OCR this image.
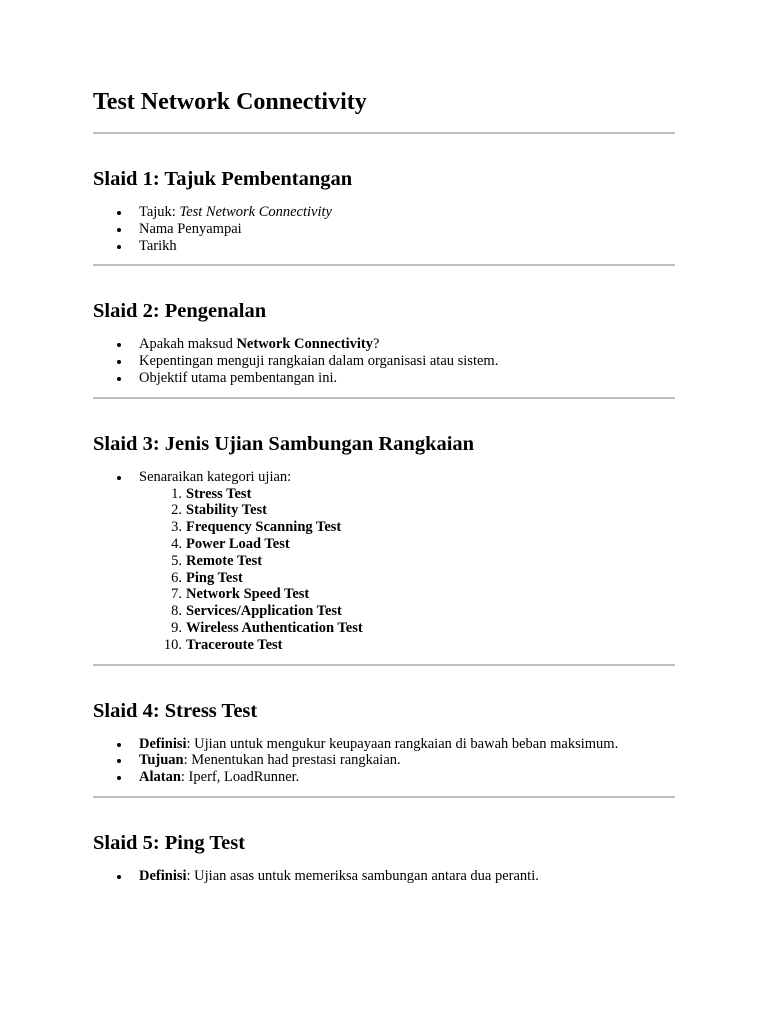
Test Network Connectivity
Slaid 1: Tajuk Pembentangan
Tajuk: Test Network Connectivity
Nama Penyampai
Tarikh
Slaid 2: Pengenalan
Apakah maksud Network Connectivity?
Kepentingan menguji rangkaian dalam organisasi atau sistem.
Objektif utama pembentangan ini.
Slaid 3: Jenis Ujian Sambungan Rangkaian
Senaraikan kategori ujian:
1. Stress Test
2. Stability Test
3. Frequency Scanning Test
4. Power Load Test
5. Remote Test
6. Ping Test
7. Network Speed Test
8. Services/Application Test
9. Wireless Authentication Test
10. Traceroute Test
Slaid 4: Stress Test
Definisi: Ujian untuk mengukur keupayaan rangkaian di bawah beban maksimum.
Tujuan: Menentukan had prestasi rangkaian.
Alatan: Iperf, LoadRunner.
Slaid 5: Ping Test
Definisi: Ujian asas untuk memeriksa sambungan antara dua peranti.
